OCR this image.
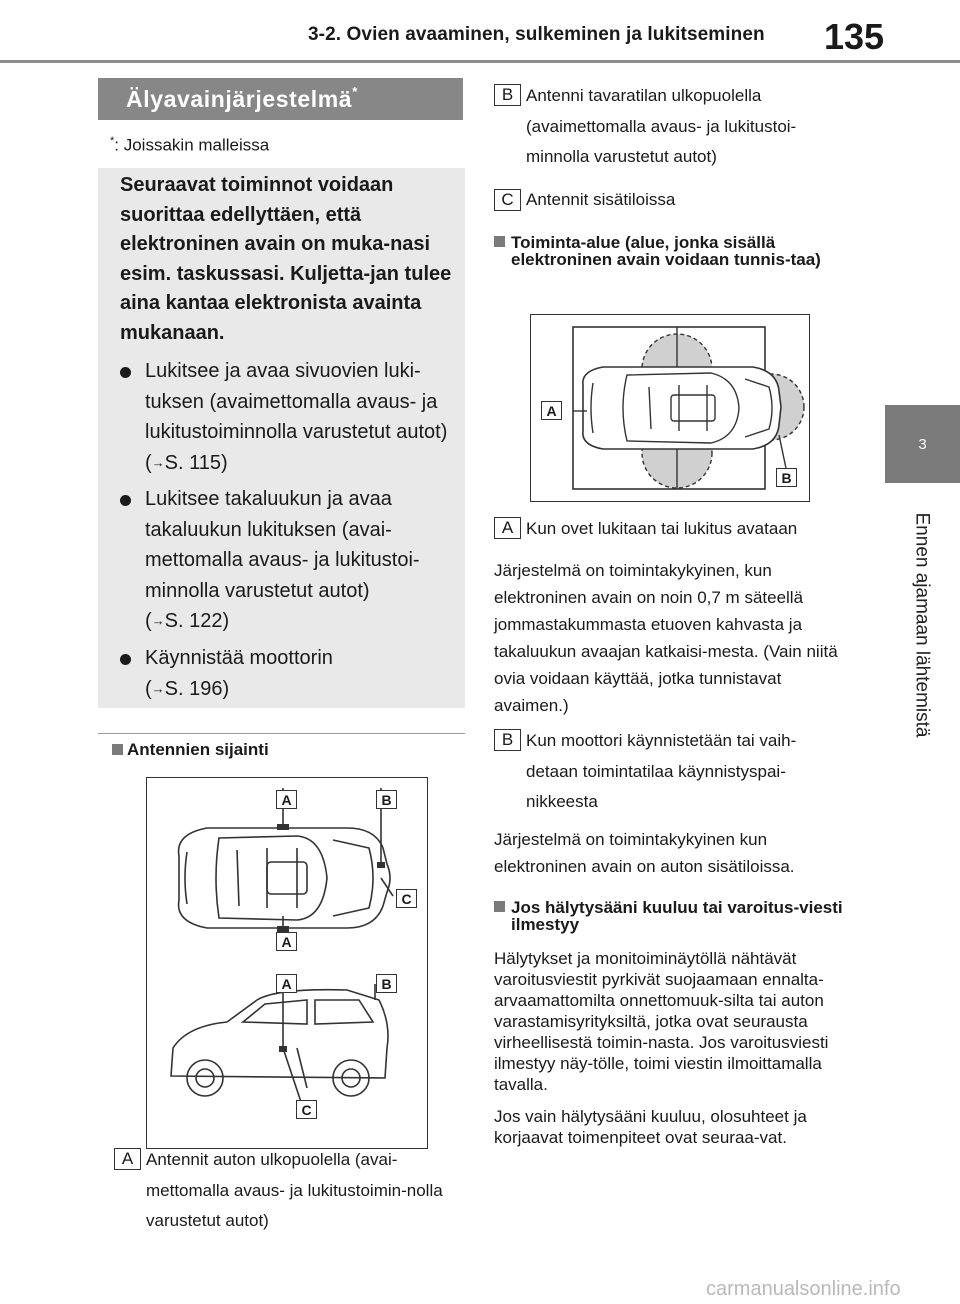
3-2. Ovien avaaminen, sulkeminen ja lukitseminen 135
3
Ennen ajamaan lähtemistä
Älyavainjärjestelmä*
*: Joissakin malleissa
Seuraavat toiminnot voidaan suorittaa edellyttäen, että elektroninen avain on muka-nasi esim. taskussasi. Kuljetta-jan tulee aina kantaa elektronista avainta mukanaan.
Lukitsee ja avaa sivuovien luki-tuksen (avaimettomalla avaus- ja lukitustoiminnolla varustetut autot) (→S. 115)
Lukitsee takaluukun ja avaa takaluukun lukituksen (avai-mettomalla avaus- ja lukitustoi-minnolla varustetut autot)
(→S. 122)
Käynnistää moottorin
(→S. 196)
Antennien sijainti
A	B
C
A
A	B
C
A Antennit auton ulkopuolella (avai-mettomalla avaus- ja lukitustoimin-nolla varustetut autot)
B Antenni tavaratilan ulkopuolella (avaimettomalla avaus- ja lukitustoi-minnolla varustetut autot)
C Antennit sisätiloissa
Toiminta-alue (alue, jonka sisällä elektroninen avain voidaan tunnis-taa)
A
B
A Kun ovet lukitaan tai lukitus avataan
Järjestelmä on toimintakykyinen, kun elektroninen avain on noin 0,7 m säteellä jommastakummasta etuoven kahvasta ja takaluukun avaajan katkaisi-mesta. (Vain niitä ovia voidaan käyttää, jotka tunnistavat avaimen.)
B Kun moottori käynnistetään tai vaih-detaan toimintatilaa käynnistyspai-nikkeesta
Järjestelmä on toimintakykyinen kun elektroninen avain on auton sisätiloissa.
Jos hälytysääni kuuluu tai varoitus-viesti ilmestyy
Hälytykset ja monitoiminäytöllä nähtävät varoitusviestit pyrkivät suojaamaan ennalta-arvaamattomilta onnettomuuk-silta tai auton varastamisyrityksiltä, jotka ovat seurausta virheellisestä toimin-nasta. Jos varoitusviesti ilmestyy näy-tölle, toimi viestin ilmoittamalla tavalla.
Jos vain hälytysääni kuuluu, olosuhteet ja korjaavat toimenpiteet ovat seuraa-vat.
carmanualsonline.info
